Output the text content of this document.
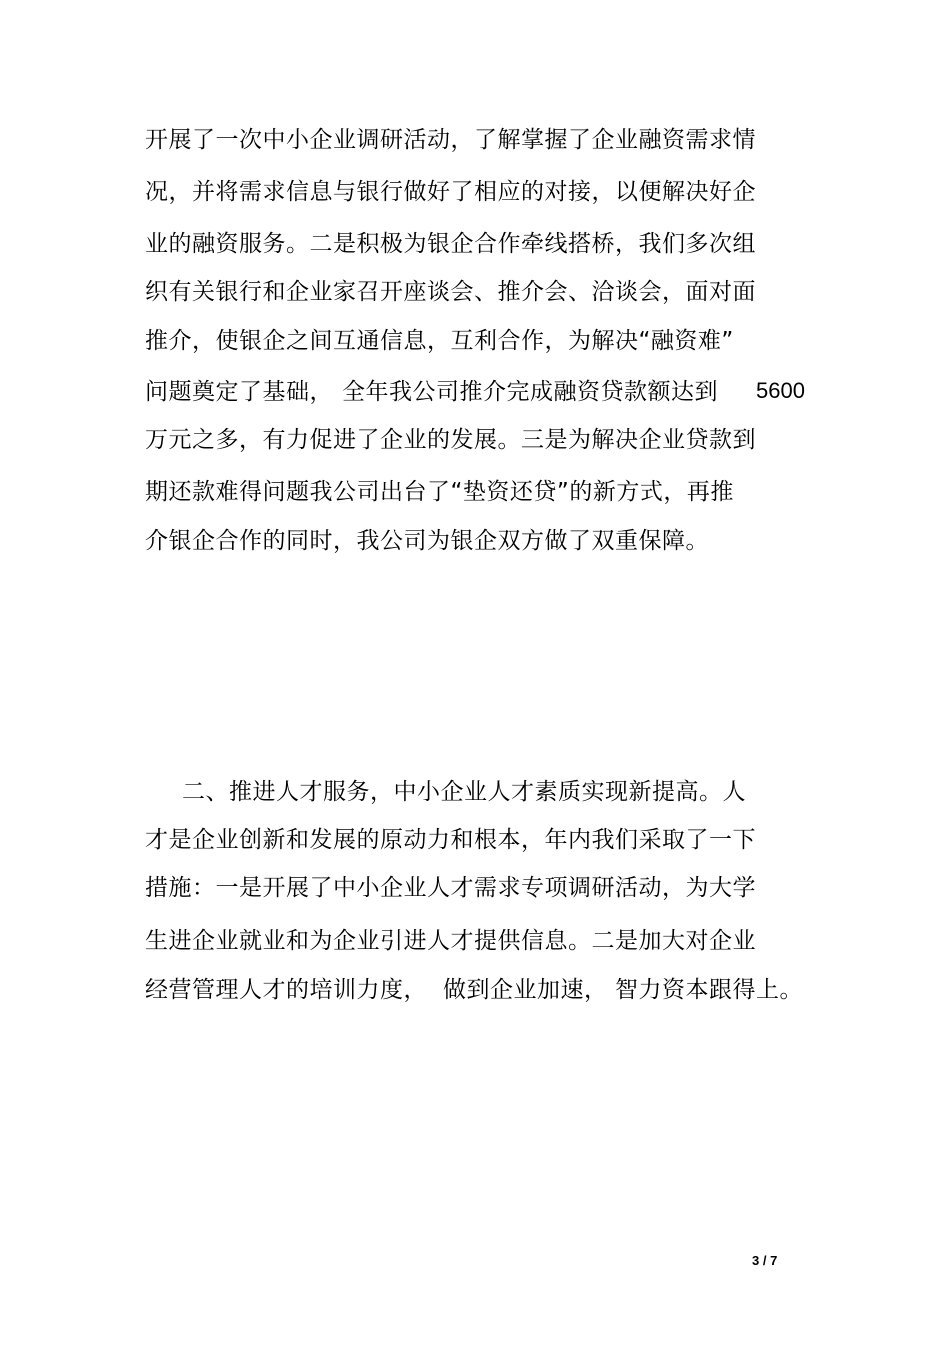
开展了一次中小企业调研活动，了解掌握了企业融资需求情
况，并将需求信息与银行做好了相应的对接，以便解决好企
业的融资服务。二是积极为银企合作牵线搭桥，我们多次组
织有关银行和企业家召开座谈会、推介会、洽谈会，面对面
推介，使银企之间互通信息，互利合作，为解决“融资难”
问题奠定了基础， 全年我公司推介完成融资贷款额达到 5600
万元之多，有力促进了企业的发展。三是为解决企业贷款到
期还款难得问题我公司出台了“垫资还贷”的新方式，再推
介银企合作的同时，我公司为银企双方做了双重保障。
二、推进人才服务，中小企业人才素质实现新提高。人
才是企业创新和发展的原动力和根本，年内我们采取了一下
措施：一是开展了中小企业人才需求专项调研活动，为大学
生进企业就业和为企业引进人才提供信息。二是加大对企业
经营管理人才的培训力度， 做到企业加速， 智力资本跟得上。
3 / 7
